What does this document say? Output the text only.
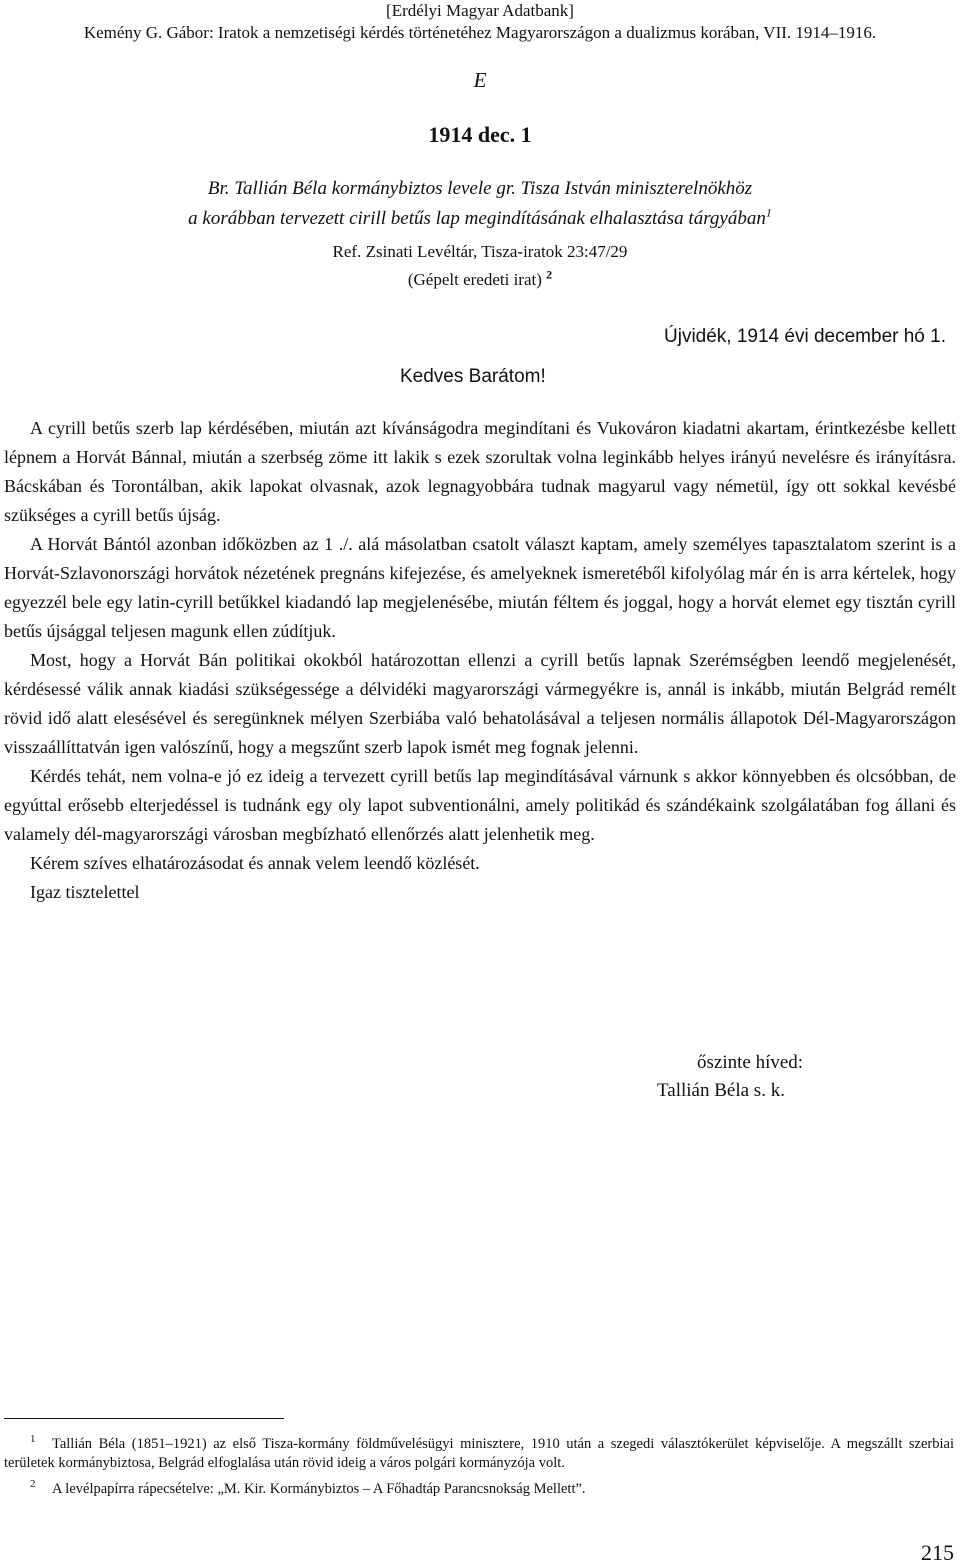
[Erdélyi Magyar Adatbank]
Kemény G. Gábor: Iratok a nemzetiségi kérdés történetéhez Magyarországon a dualizmus korában, VII. 1914–1916.
E
1914 dec. 1
Br. Tallián Béla kormánybiztos levele gr. Tisza István miniszterelnökhöz
a korábban tervezett cirill betűs lap megindításának elhalasztása tárgyában$^1$
Ref. Zsinati Levéltár, Tisza-iratok 23:47/29
(Gépelt eredeti irat) $^2$
Újvidék, 1914 évi december hó 1.
Kedves Barátom!

A cyrill betűs szerb lap kérdésében, miután azt kívánságodra megindítani és Vukováron kiadatni akartam, érintkezésbe kellett lépnem a Horvát Bánnal, miután a szerbség zöme itt lakik s ezek szorultak volna leginkább helyes irányú nevelésre és irányításra. Bácskában és Torontálban, akik lapokat olvasnak, azok legnagyobbára tudnak magyarul vagy németül, így ott sokkal kevésbé szükséges a cyrill betűs újság.

A Horvát Bántól azonban időközben az 1 ./. alá másolatban csatolt választ kaptam, amely személyes tapasztalatom szerint is a Horvát-Szlavonországi horvátok nézetének pregnáns kifejezése, és amelyeknek ismeretéből kifolyólag már én is arra kértelek, hogy egyezzél bele egy latin-cyrill betűkkel kiadandó lap megjelenésébe, miután féltem és joggal, hogy a horvát elemet egy tisztán cyrill betűs újsággal teljesen magunk ellen zúdítjuk.

Most, hogy a Horvát Bán politikai okokból határozottan ellenzi a cyrill betűs lapnak Szerémségben leendő megjelenését, kérdésessé válik annak kiadási szükségessége a délvidéki magyarországi vármegyékre is, annál is inkább, miután Belgrád remélt rövid idő alatt elesésével és seregünknek mélyen Szerbiába való behatolásával a teljesen normális állapotok Dél-Magyarországon visszaállíttatván igen valószínű, hogy a megszűnt szerb lapok ismét meg fognak jelenni.

Kérdés tehát, nem volna-e jó ez ideig a tervezett cyrill betűs lap megindításával várnunk s akkor könnyebben és olcsóbban, de egyúttal erősebb elterjedéssel is tudnánk egy oly lapot subventionálni, amely politikád és szándékaink szolgálatában fog állani és valamely dél-magyarországi városban megbízható ellenőrzés alatt jelenhetik meg.

Kérem szíves elhatározásodat és annak velem leendő közlését.

Igaz tisztelettel

őszinte híved:
Tallián Béla s. k.

1 Tallián Béla (1851–1921) az első Tisza-kormány földművelésügyi minisztere, 1910 után a szegedi választókerület képviselője. A megszállt szerbiai területek kormánybiztosa, Belgrád elfoglalása után rövid ideig a város polgári kormányzója volt.

2 A levélpapírra rápecsételve: „M. Kir. Kormánybiztos – A Főhadtáp Parancsnokság Mellett”.

215
